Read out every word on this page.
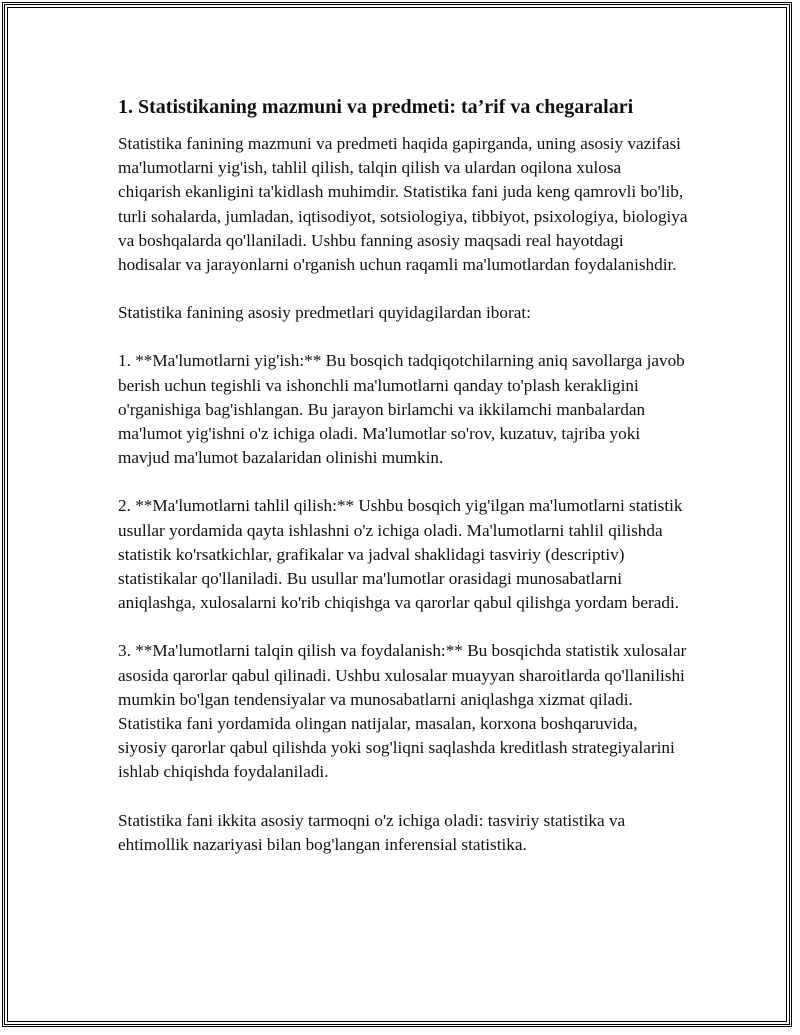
1. Statistikaning mazmuni va predmeti: ta’rif va chegaralari

Statistika fanining mazmuni va predmeti haqida gapirganda, uning asosiy vazifasi ma'lumotlarni yig'ish, tahlil qilish, talqin qilish va ulardan oqilona xulosa chiqarish ekanligini ta'kidlash muhimdir. Statistika fani juda keng qamrovli bo'lib, turli sohalarda, jumladan, iqtisodiyot, sotsiologiya, tibbiyot, psixologiya, biologiya va boshqalarda qo'llaniladi. Ushbu fanning asosiy maqsadi real hayotdagi hodisalar va jarayonlarni o'rganish uchun raqamli ma'lumotlardan foydalanishdir.

Statistika fanining asosiy predmetlari quyidagilardan iborat:

1. **Ma'lumotlarni yig'ish:** Bu bosqich tadqiqotchilarning aniq savollarga javob berish uchun tegishli va ishonchli ma'lumotlarni qanday to'plash kerakligini o'rganishiga bag'ishlangan. Bu jarayon birlamchi va ikkilamchi manbalardan ma'lumot yig'ishni o'z ichiga oladi. Ma'lumotlar so'rov, kuzatuv, tajriba yoki mavjud ma'lumot bazalaridan olinishi mumkin.

2. **Ma'lumotlarni tahlil qilish:** Ushbu bosqich yig'ilgan ma'lumotlarni statistik usullar yordamida qayta ishlashni o'z ichiga oladi. Ma'lumotlarni tahlil qilishda statistik ko'rsatkichlar, grafikalar va jadval shaklidagi tasviriy (descriptiv) statistikalar qo'llaniladi. Bu usullar ma'lumotlar orasidagi munosabatlarni aniqlashga, xulosalarni ko'rib chiqishga va qarorlar qabul qilishga yordam beradi.

3. **Ma'lumotlarni talqin qilish va foydalanish:** Bu bosqichda statistik xulosalar asosida qarorlar qabul qilinadi. Ushbu xulosalar muayyan sharoitlarda qo'llanilishi mumkin bo'lgan tendensiyalar va munosabatlarni aniqlashga xizmat qiladi. Statistika fani yordamida olingan natijalar, masalan, korxona boshqaruvida, siyosiy qarorlar qabul qilishda yoki sog'liqni saqlashda kreditlash strategiyalarini ishlab chiqishda foydalaniladi.

Statistika fani ikkita asosiy tarmoqni o'z ichiga oladi: tasviriy statistika va ehtimollik nazariyasi bilan bog'langan inferensial statistika.
